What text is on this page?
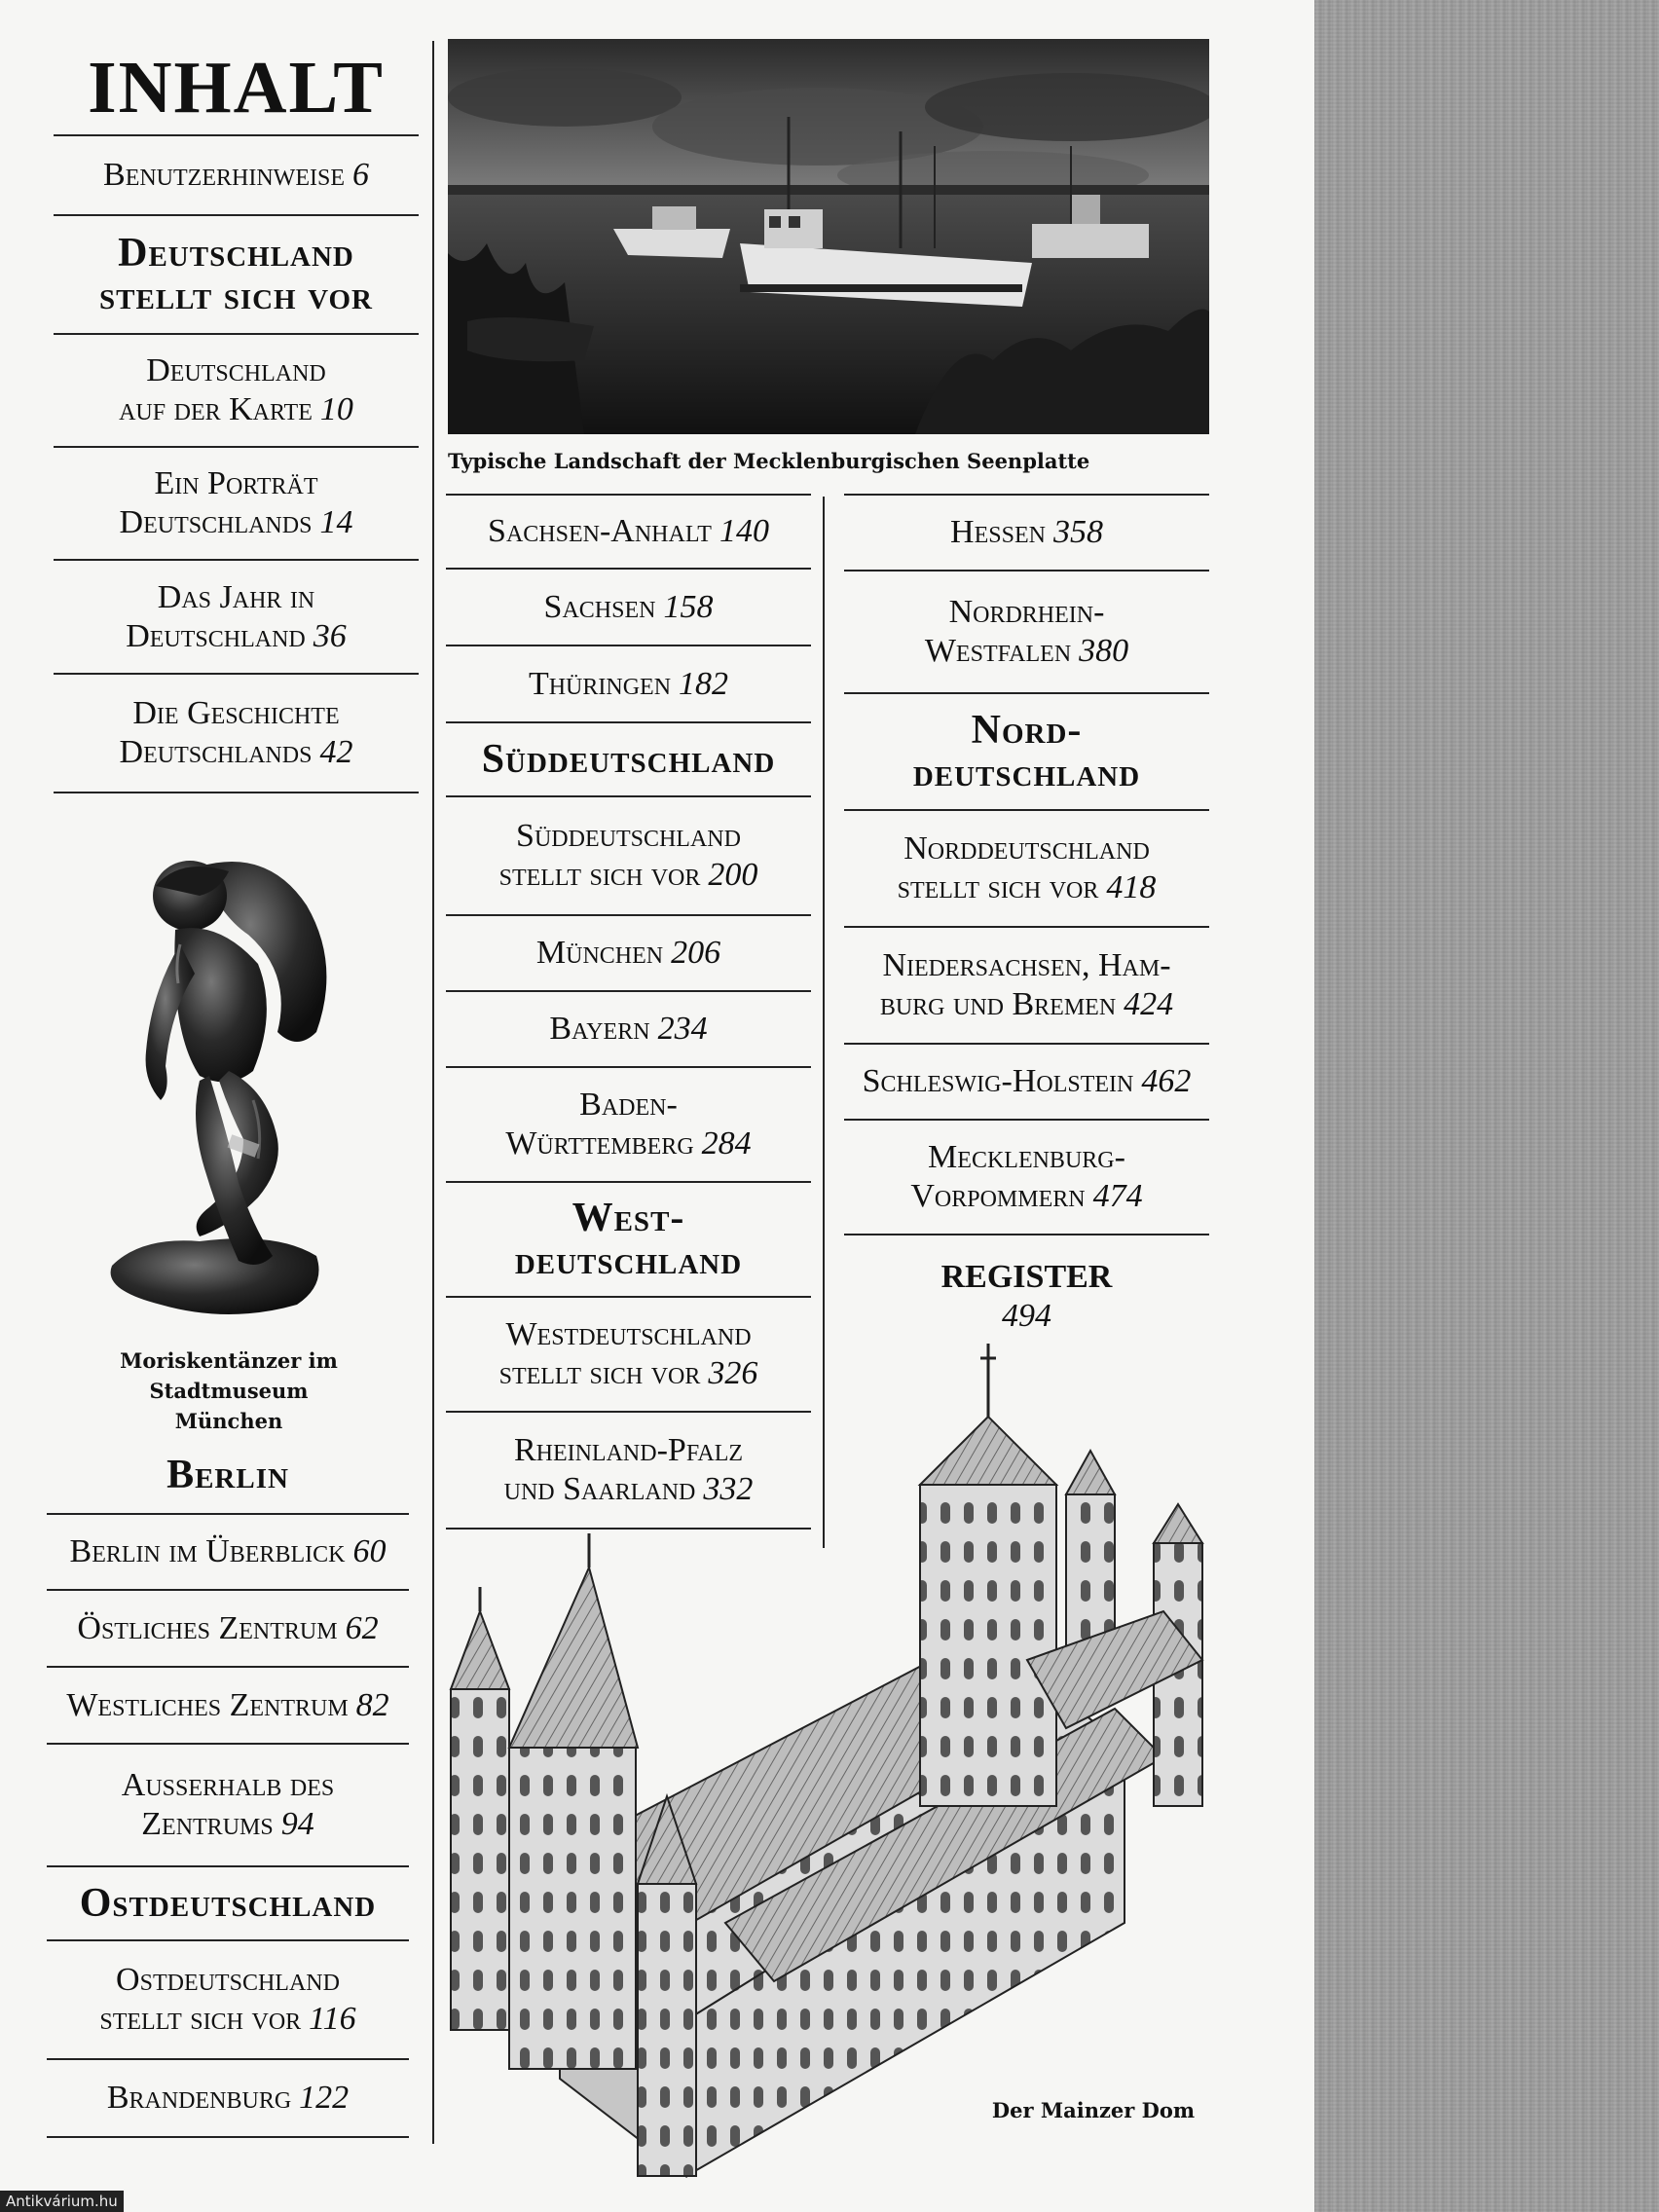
INHALT
Benutzerhinweise 6
Deutschland
stellt sich vor
Deutschland
auf der Karte 10
Ein Porträt
Deutschlands 14
Das Jahr in
Deutschland 36
Die Geschichte
Deutschlands 42
Moriskentänzer im Stadtmuseum
München
Berlin
Berlin im Überblick 60
Östliches Zentrum 62
Westliches Zentrum 82
Ausserhalb des
Zentrums 94
Ostdeutschland
Ostdeutschland
stellt sich vor 116
Brandenburg 122
Typische Landschaft der Mecklenburgischen Seenplatte
Sachsen-Anhalt 140
Sachsen 158
Thüringen 182
Süddeutschland
Süddeutschland
stellt sich vor 200
München 206
Bayern 234
Baden-
Württemberg 284
West-
deutschland
Westdeutschland
stellt sich vor 326
Rheinland-Pfalz
und Saarland 332
Hessen 358
Nordrhein-
Westfalen 380
Nord-
deutschland
Norddeutschland
stellt sich vor 418
Niedersachsen, Ham-
burg und Bremen 424
Schleswig-Holstein 462
Mecklenburg-
Vorpommern 474
REGISTER
494
Der Mainzer Dom
Antikvárium.hu
